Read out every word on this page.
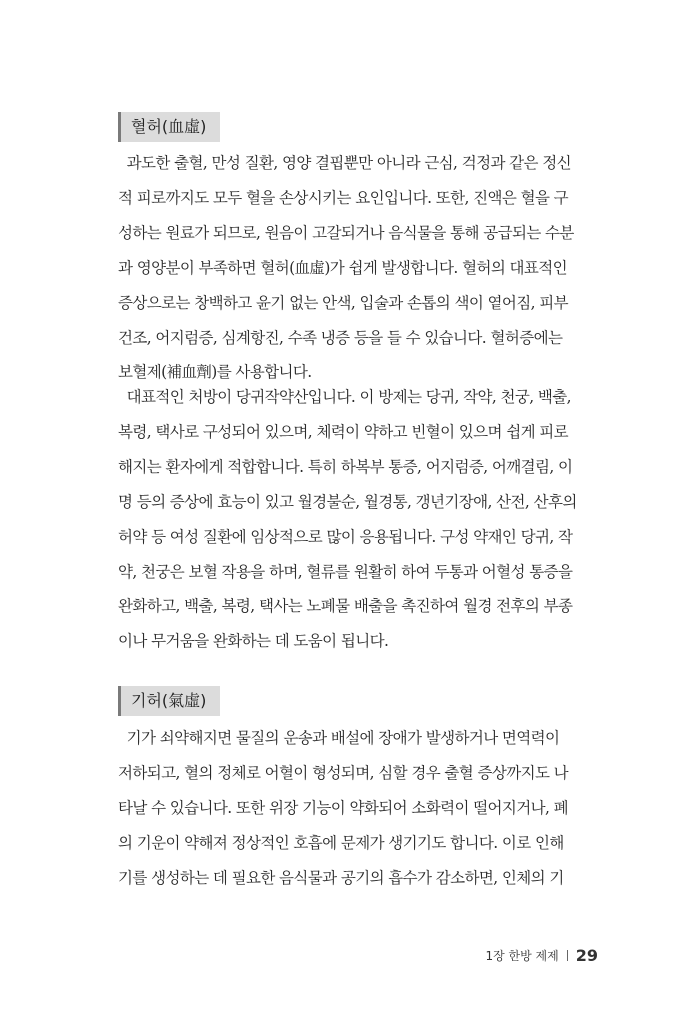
혈허(血虛)
과도한 출혈, 만성 질환, 영양 결핍뿐만 아니라 근심, 걱정과 같은 정신
적 피로까지도 모두 혈을 손상시키는 요인입니다. 또한, 진액은 혈을 구
성하는 원료가 되므로, 원음이 고갈되거나 음식물을 통해 공급되는 수분
과 영양분이 부족하면 혈허(血虛)가 쉽게 발생합니다. 혈허의 대표적인
증상으로는 창백하고 윤기 없는 안색, 입술과 손톱의 색이 옅어짐, 피부
건조, 어지럼증, 심계항진, 수족 냉증 등을 들 수 있습니다. 혈허증에는
보혈제(補血劑)를 사용합니다.
대표적인 처방이 당귀작약산입니다. 이 방제는 당귀, 작약, 천궁, 백출,
복령, 택사로 구성되어 있으며, 체력이 약하고 빈혈이 있으며 쉽게 피로
해지는 환자에게 적합합니다. 특히 하복부 통증, 어지럼증, 어깨결림, 이
명 등의 증상에 효능이 있고 월경불순, 월경통, 갱년기장애, 산전, 산후의
허약 등 여성 질환에 임상적으로 많이 응용됩니다. 구성 약재인 당귀, 작
약, 천궁은 보혈 작용을 하며, 혈류를 원활히 하여 두통과 어혈성 통증을
완화하고, 백출, 복령, 택사는 노폐물 배출을 촉진하여 월경 전후의 부종
이나 무거움을 완화하는 데 도움이 됩니다.
기허(氣虛)
기가 쇠약해지면 물질의 운송과 배설에 장애가 발생하거나 면역력이
저하되고, 혈의 정체로 어혈이 형성되며, 심할 경우 출혈 증상까지도 나
타날 수 있습니다. 또한 위장 기능이 약화되어 소화력이 떨어지거나, 폐
의 기운이 약해져 정상적인 호흡에 문제가 생기기도 합니다. 이로 인해
기를 생성하는 데 필요한 음식물과 공기의 흡수가 감소하면, 인체의 기
1장 한방 제제 29
